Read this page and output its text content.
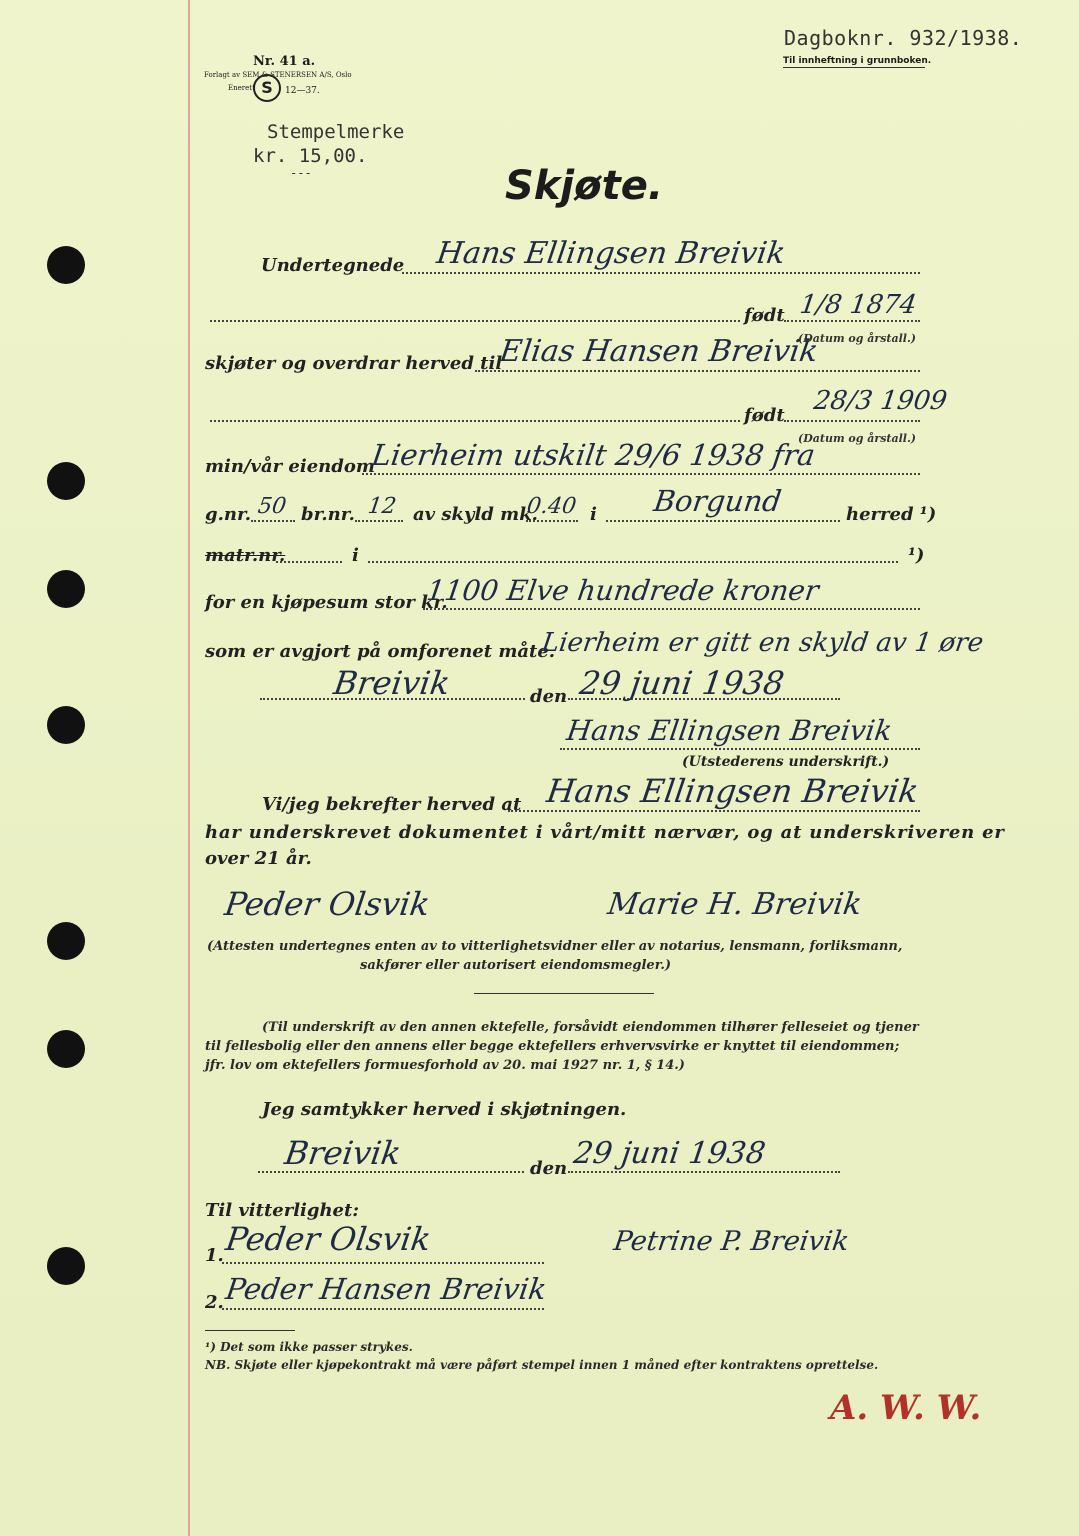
Nr. 41 a.
Forlagt av SEM & STENERSEN A/S, Oslo
Enerett S	12—37.
Dagboknr. 932/1938.
Til innheftning i grunnboken.
Stempelmerke
kr. 15,00.
---	Skjøte.
Undertegnede Hans Ellingsen Breivik
født 1/8 1874
(Datum og årstall.)
skjøter og overdrar herved til
Elias Hansen Breivik
født 28/3 1909
(Datum og årstall.)
min/vår eiendom
Lierheim utskilt 29/6 1938 fra
g.nr. 50 br.nr. 12 av skyld mk.
0.40 i Borgund	herred ¹)
matr.nr.	i	¹)
for en kjøpesum stor kr.
1100 Elve hundrede kroner
som er avgjort på omforenet måte.
Lierheim er gitt en skyld av 1 øre
Breivik	den 29 juni 1938
Hans Ellingsen Breivik
(Utstederens underskrift.)
Vi/jeg bekrefter herved at Hans Ellingsen Breivik
har underskrevet dokumentet i vårt/mitt nærvær, og at underskriveren er
over 21 år.
Peder Olsvik	Marie H. Breivik
(Attesten undertegnes enten av to vitterlighetsvidner eller av notarius, lensmann, forliksmann,
sakfører eller autorisert eiendomsmegler.)
(Til underskrift av den annen ektefelle, forsåvidt eiendommen tilhører felleseiet og tjener
til fellesbolig eller den annens eller begge ektefellers erhvervsvirke er knyttet til eiendommen;
jfr. lov om ektefellers formuesforhold av 20. mai 1927 nr. 1, § 14.)
Jeg samtykker herved i skjøtningen.
Breivik	den 29 juni 1938
Til vitterlighet:
1. Peder Olsvik	Petrine P. Breivik
2. Peder Hansen Breivik
¹) Det som ikke passer strykes.
NB. Skjøte eller kjøpekontrakt må være påført stempel innen 1 måned efter kontraktens oprettelse.
A. W. W.
